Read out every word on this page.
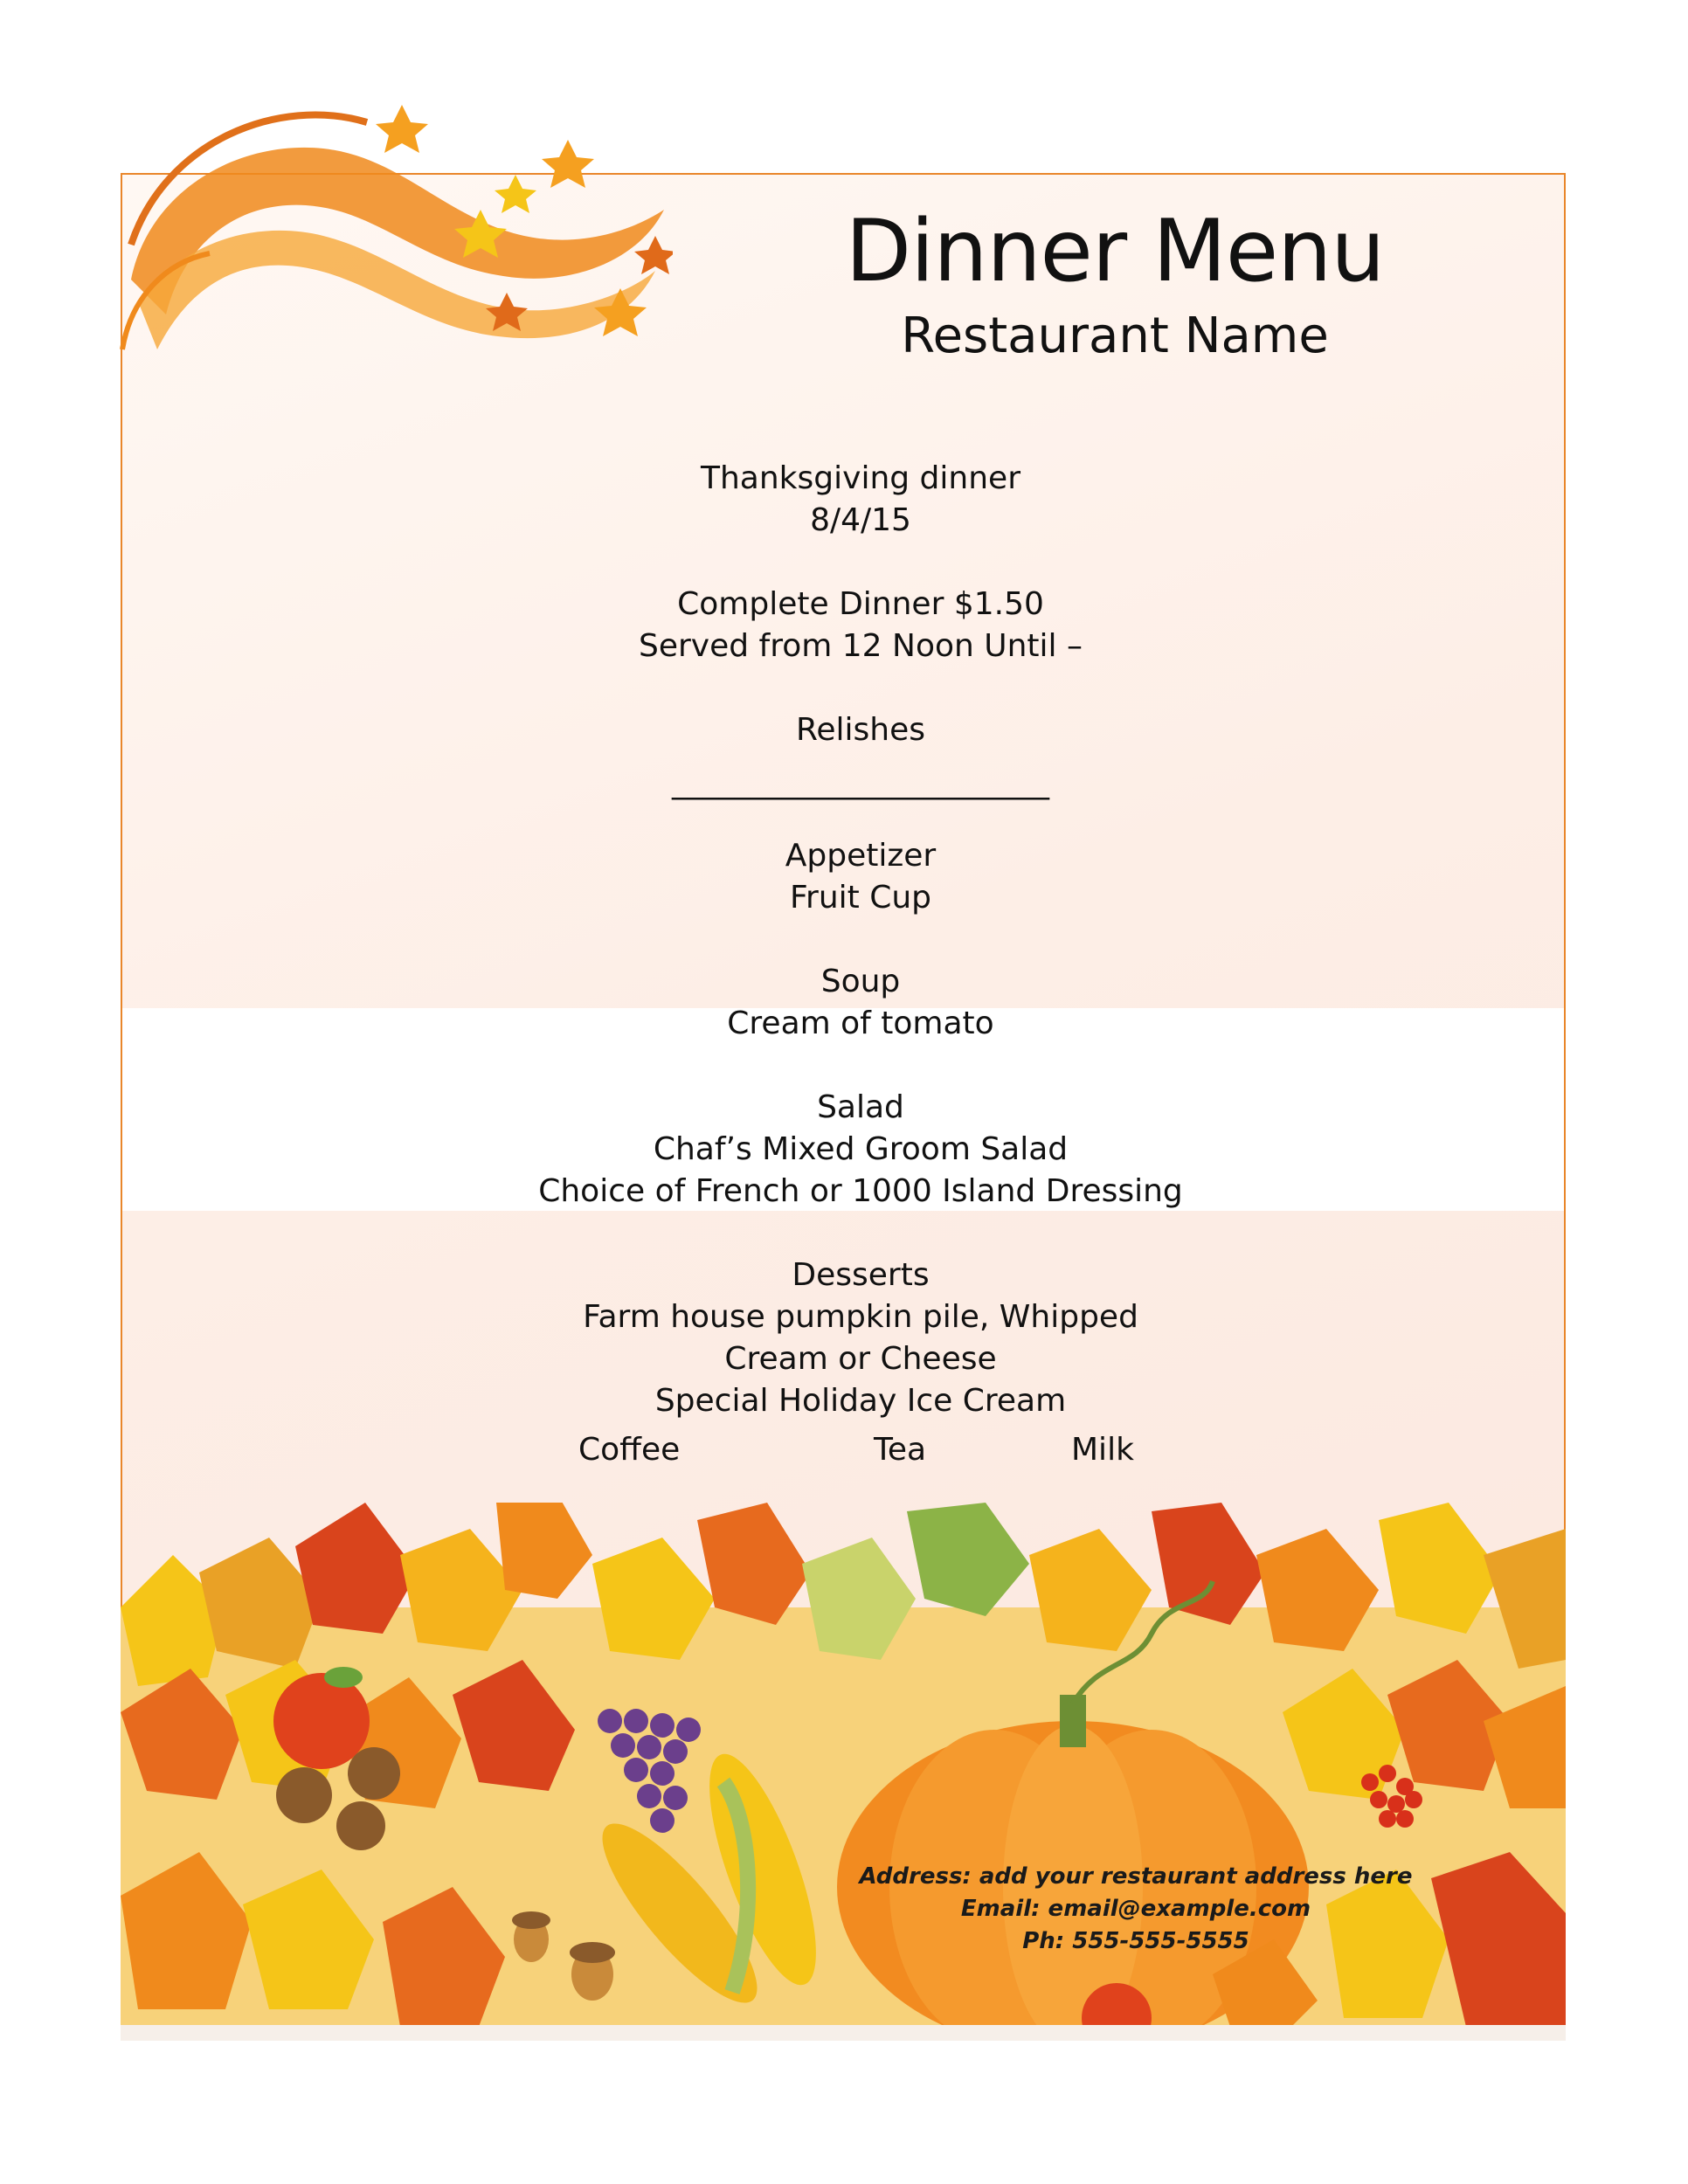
Dinner Menu
Restaurant Name
Thanksgiving dinner
8/4/15
Complete Dinner $1.50
Served from 12 Noon Until –
Relishes
________________________
Appetizer
Fruit Cup
Soup
Cream of tomato
Salad
Chaf’s Mixed Groom Salad
Choice of French or 1000 Island Dressing
Desserts
Farm house pumpkin pile, Whipped
Cream or Cheese
Special Holiday Ice Cream
Coffee	Tea	Milk
Address: add your restaurant address here
Email: email@example.com
Ph: 555-555-5555
